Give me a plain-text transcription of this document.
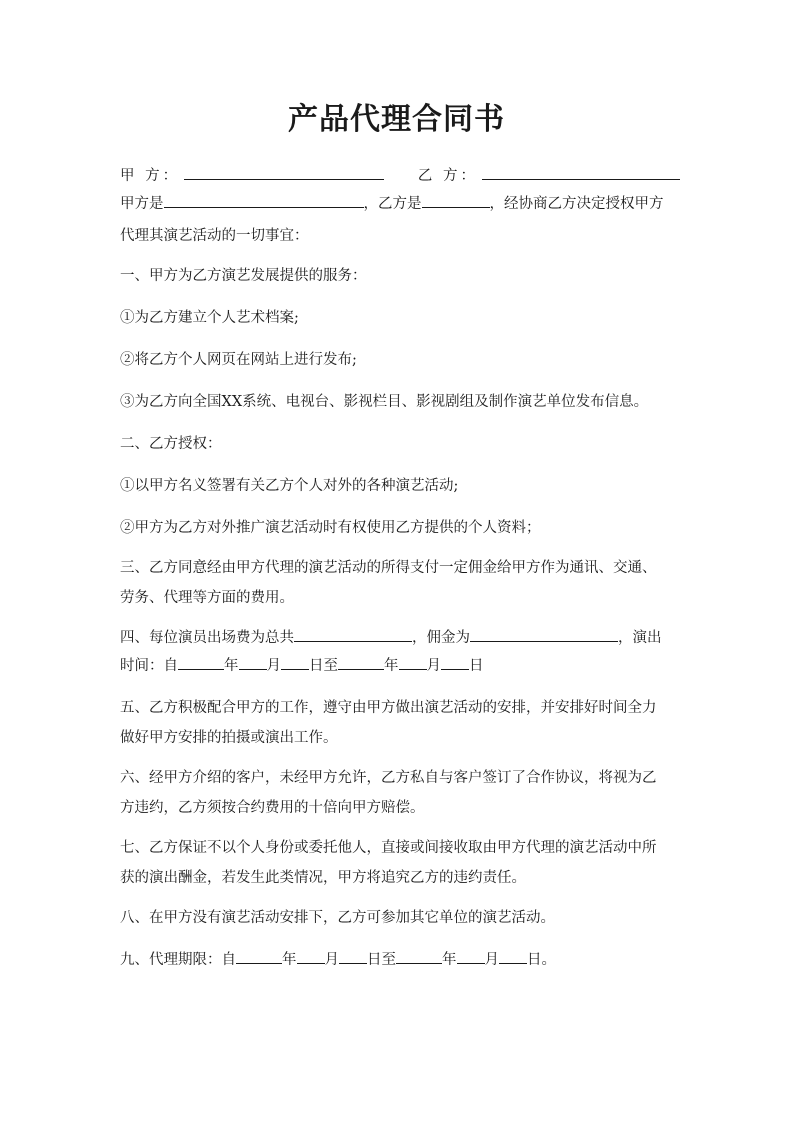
产品代理合同书
甲 方：	乙 方：
甲方是	，乙方是	，经协商乙方决定授权甲方
代理其演艺活动的一切事宜：
一、甲方为乙方演艺发展提供的服务：
①为乙方建立个人艺术档案;
②将乙方个人网页在网站上进行发布;
③为乙方向全国XX系统、电视台、影视栏目、影视剧组及制作演艺单位发布信息。
二、乙方授权：
①以甲方名义签署有关乙方个人对外的各种演艺活动;
②甲方为乙方对外推广演艺活动时有权使用乙方提供的个人资料；
三、乙方同意经由甲方代理的演艺活动的所得支付一定佣金给甲方作为通讯、交通、
劳务、代理等方面的费用。
四、每位演员出场费为总共	，佣金为	，演出
时间：自	年 月 日至	年 月 日
五、乙方积极配合甲方的工作，遵守由甲方做出演艺活动的安排，并安排好时间全力
做好甲方安排的拍摄或演出工作。
六、经甲方介绍的客户，未经甲方允许，乙方私自与客户签订了合作协议，将视为乙
方违约，乙方须按合约费用的十倍向甲方赔偿。
七、乙方保证不以个人身份或委托他人，直接或间接收取由甲方代理的演艺活动中所
获的演出酬金，若发生此类情况，甲方将追究乙方的违约责任。
八、在甲方没有演艺活动安排下，乙方可参加其它单位的演艺活动。
九、代理期限：自	年 月 日至	年 月 日。
